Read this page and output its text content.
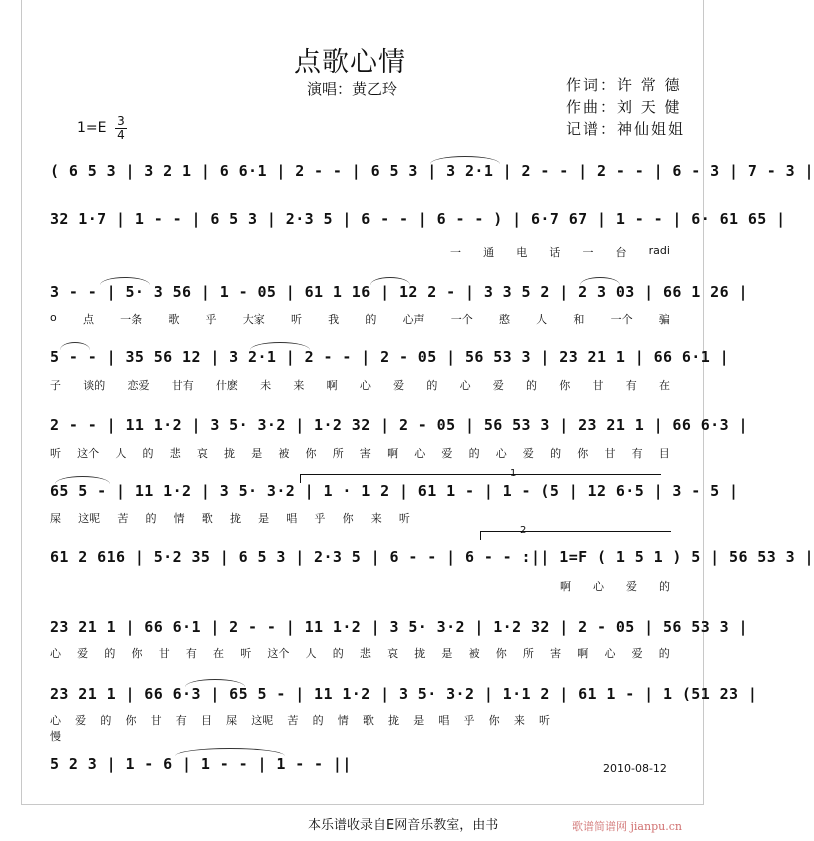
点歌心情
演唱：黄乙玲	作词：许 常 德
作曲：刘 天 健
记谱：神仙姐姐
1=E 3
4
( 6 5 3 | 3 2 1 | 6 6·1 | 2 - - | 6 5 3 | 3 2·1 | 2 - - | 2 - - | 6 - 3 | 7 - 3 |
32 1·7 | 1 - - | 6 5 3 | 2·3 5 | 6 - - | 6 - - ) | 6·7 67 | 1 - - | 6· 61 65 |
一 通 电 话 一 台 radi
3 - - | 5· 3 56 | 1 - 05 | 61 1 16 | 12 2 - | 3 3 5 2 | 2 3 03 | 66 1 26 |
o 点 一条 歌 乎 大家 听 我 的 心声 一个 憨 人 和 一个 骗
5 - - | 35 56 12 | 3 2·1 | 2 - - | 2 - 05 | 56 53 3 | 23 21 1 | 66 6·1 |
子 谈的 恋爱 甘有 什麽 未 来 啊 心 爱 的 心 爱 的 你 甘 有 在
2 - - | 11 1·2 | 3 5· 3·2 | 1·2 32 | 2 - 05 | 56 53 3 | 23 21 1 | 66 6·3 |
听 这个 人 的 悲 哀 拢 是 被 你 所 害 啊 心 爱 的 心 爱 的 你 甘 有 目
65 5 - | 11 1·2 | 3 5· 3·2 | 1 · 1 2 | 61 1 - | 1 - (5 | 12 6·5 | 3 - 5 |
屎 这呢 苦 的 情 歌 拢 是 唱 乎 你 来 听
61 2 616 | 5·2 35 | 6 5 3 | 2·3 5 | 6 - - | 6 - - :|| 1=F ( 1 5 1 ) 5 | 56 53 3 |
啊 心 爱 的
23 21 1 | 66 6·1 | 2 - - | 11 1·2 | 3 5· 3·2 | 1·2 32 | 2 - 05 | 56 53 3 |
心 爱 的 你 甘 有 在 听 这个 人 的 悲 哀 拢 是 被 你 所 害 啊 心 爱 的
23 21 1 | 66 6·3 | 65 5 - | 11 1·2 | 3 5· 3·2 | 1·1 2 | 61 1 - | 1 (51 23 |
心 爱 的 你 甘 有 目 屎 这呢 苦 的 情 歌 拢 是 唱 乎 你 来 听
慢
5 2 3 | 1 - 6 | 1 - - | 1 - - ||	2010-08-12
1
2
本乐谱收录自E网音乐教室，由书	歌谱简谱网 jianpu.cn
